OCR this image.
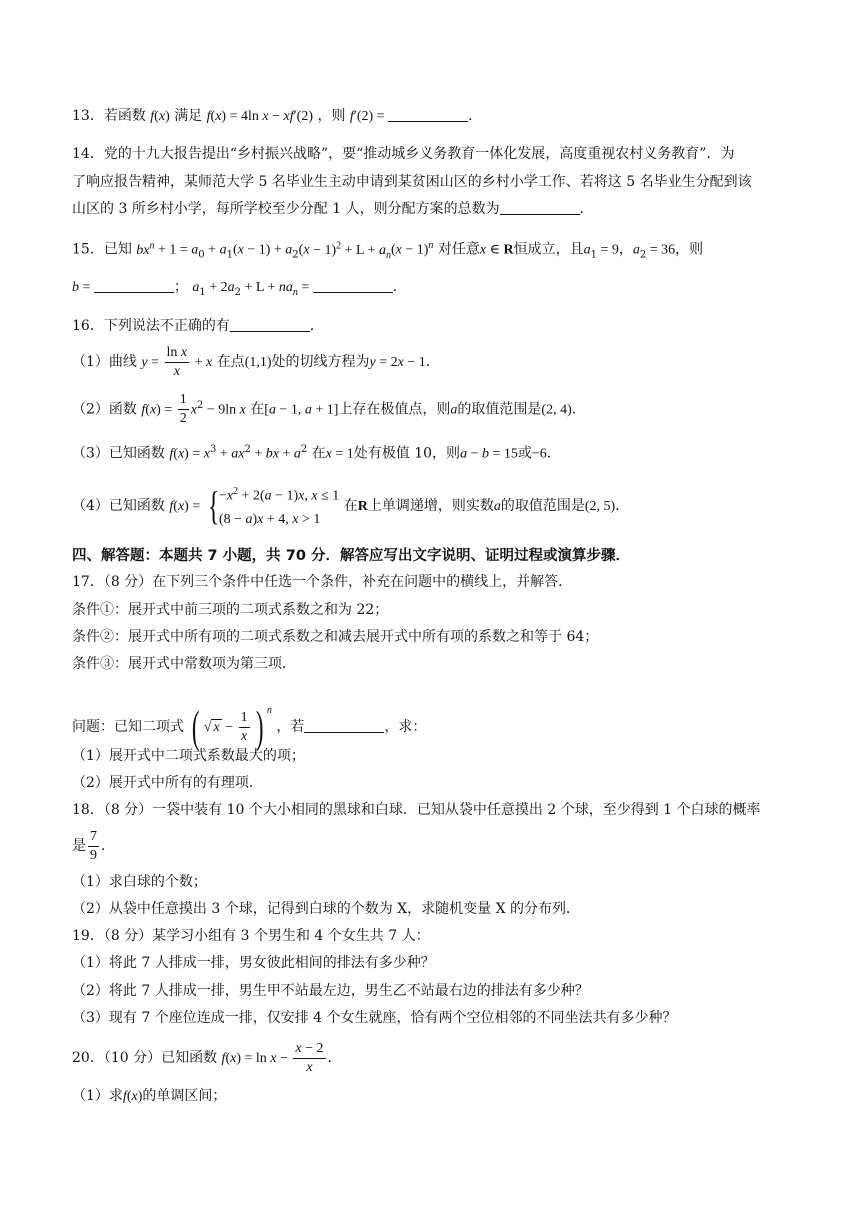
13．若函数 f(x) 满足 f(x) = 4ln x − xf′(2) ，则 f′(2) =	．
14．党的十九大报告提出“乡村振兴战略”，要“推动城乡义务教育一体化发展，高度重视农村义务教育”．为
了响应报告精神，某师范大学 5 名毕业生主动申请到某贫困山区的乡村小学工作、若将这 5 名毕业生分配到该
山区的 3 所乡村小学，每所学校至少分配 1 人，则分配方案的总数为	．
15．已知 $bx^n + 1 = a_0 + a_1(x - 1) + a_2(x - 1)^2 + L + a_n(x - 1)^n$ 对任意x ∈ R恒成立，且$a_1 = 9$，$a_2 = 36$，则
b =	； $a_1 + 2a_2 + L + na_n$ =	．
16．下列说法不正确的有	．
（1）曲线 $y = \frac{\text{ln x}}{x} + x$ 在点(1,1)处的切线方程为y = 2x − 1．
（2）函数 $f(x) = \frac{1}{2} x^2 - 9\ln$ x 在[a − 1, a + 1]上存在极值点，则a的取值范围是(2, 4)．
（3）已知函数 $f(x) = x^3 + ax^2$ + bx + $a^2$ 在x = 1处有极值 10，则a − b = 15或−6．
（4）已知函数 f(x) = { $-x^2 + 2(a - 1)x$, x ≤ 1
(8 − a)x + 4, x > 1
在R上单调递增，则实数a的取值范围是(2, 5)．
四、解答题：本题共 7 小题，共 70 分．解答应写出文字说明、证明过程或演算步骤．
17．（8 分）在下列三个条件中任选一个条件，补充在问题中的横线上，并解答．
条件①：展开式中前三项的二项式系数之和为 22；
条件②：展开式中所有项的二项式系数之和减去展开式中所有项的系数之和等于 64；
条件③：展开式中常数项为第三项．
问题：已知二项式 ( √ $x - \frac{1}{x}$ ) $^n$ ，若	，求：
（1）展开式中二项式系数最大的项；
（2）展开式中所有的有理项．
18．（8 分）一袋中装有 10 个大小相同的黑球和白球．已知从袋中任意摸出 2 个球，至少得到 1 个白球的概率
是 $\frac{7}{9}$ ．
（1）求白球的个数；
（2）从袋中任意摸出 3 个球，记得到白球的个数为 X，求随机变量 X 的分布列．
19．（8 分）某学习小组有 3 个男生和 4 个女生共 7 人：
（1）将此 7 人排成一排，男女彼此相间的排法有多少种？
（2）将此 7 人排成一排，男生甲不站最左边，男生乙不站最右边的排法有多少种？
（3）现有 7 个座位连成一排，仅安排 4 个女生就座，恰有两个空位相邻的不同坐法共有多少种？
20．（10 分）已知函数 $f(x) = \ln x - \frac{x - 2}{x}$ ．
（1）求f(x)的单调区间；
